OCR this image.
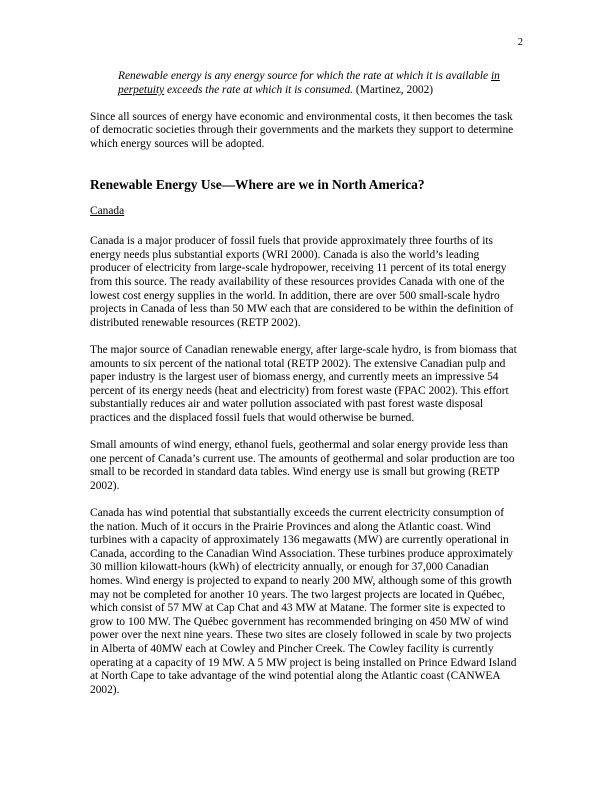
2

Renewable energy is any energy source for which the rate at which it is available in perpetuity exceeds the rate at which it is consumed. (Martinez, 2002)

Since all sources of energy have economic and environmental costs, it then becomes the task of democratic societies through their governments and the markets they support to determine which energy sources will be adopted.

Renewable Energy Use—Where are we in North America?

Canada

Canada is a major producer of fossil fuels that provide approximately three fourths of its energy needs plus substantial exports (WRI 2000). Canada is also the world’s leading producer of electricity from large-scale hydropower, receiving 11 percent of its total energy from this source. The ready availability of these resources provides Canada with one of the lowest cost energy supplies in the world. In addition, there are over 500 small-scale hydro projects in Canada of less than 50 MW each that are considered to be within the definition of distributed renewable resources (RETP 2002).

The major source of Canadian renewable energy, after large-scale hydro, is from biomass that amounts to six percent of the national total (RETP 2002). The extensive Canadian pulp and paper industry is the largest user of biomass energy, and currently meets an impressive 54 percent of its energy needs (heat and electricity) from forest waste (FPAC 2002). This effort substantially reduces air and water pollution associated with past forest waste disposal practices and the displaced fossil fuels that would otherwise be burned.

Small amounts of wind energy, ethanol fuels, geothermal and solar energy provide less than one percent of Canada’s current use. The amounts of geothermal and solar production are too small to be recorded in standard data tables. Wind energy use is small but growing (RETP 2002).

Canada has wind potential that substantially exceeds the current electricity consumption of the nation. Much of it occurs in the Prairie Provinces and along the Atlantic coast. Wind turbines with a capacity of approximately 136 megawatts (MW) are currently operational in Canada, according to the Canadian Wind Association. These turbines produce approximately 30 million kilowatt-hours (kWh) of electricity annually, or enough for 37,000 Canadian homes. Wind energy is projected to expand to nearly 200 MW, although some of this growth may not be completed for another 10 years. The two largest projects are located in Québec, which consist of 57 MW at Cap Chat and 43 MW at Matane. The former site is expected to grow to 100 MW. The Québec government has recommended bringing on 450 MW of wind power over the next nine years. These two sites are closely followed in scale by two projects in Alberta of 40MW each at Cowley and Pincher Creek. The Cowley facility is currently operating at a capacity of 19 MW. A 5 MW project is being installed on Prince Edward Island at North Cape to take advantage of the wind potential along the Atlantic coast (CANWEA 2002).
